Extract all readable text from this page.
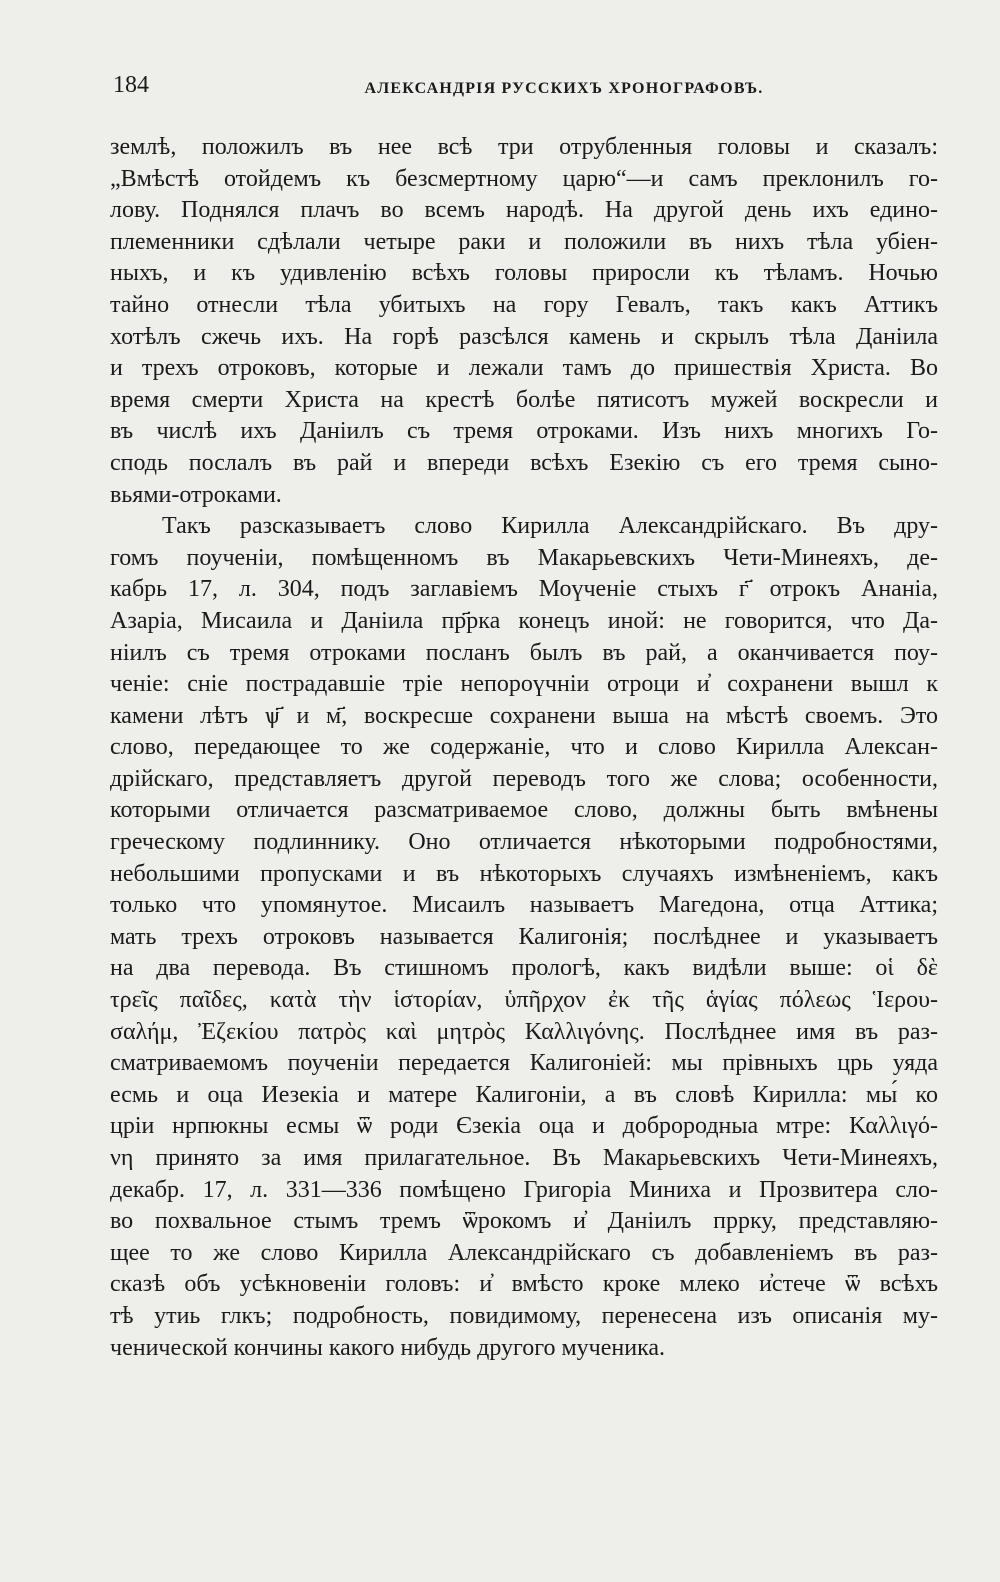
184	АЛЕКСАНДРІЯ РУССКИХЪ ХРОНОГРАФОВЪ.
землѣ, положилъ въ нее всѣ три отрубленныя головы и сказалъ:
„Вмѣстѣ отойдемъ къ безсмертному царю“—и самъ преклонилъ го-
лову. Поднялся плачъ во всемъ народѣ. На другой день ихъ едино-
племенники сдѣлали четыре раки и положили въ нихъ тѣла убіен-
ныхъ, и къ удивленію всѣхъ головы приросли къ тѣламъ. Ночью
тайно отнесли тѣла убитыхъ на гору Гевалъ, такъ какъ Аттикъ
хотѣлъ сжечь ихъ. На горѣ разсѣлся камень и скрылъ тѣла Даніила
и трехъ отроковъ, которые и лежали тамъ до пришествія Христа. Во
время смерти Христа на крестѣ болѣе пятисотъ мужей воскресли и
въ числѣ ихъ Даніилъ съ тремя отроками. Изъ нихъ многихъ Го-
сподь послалъ въ рай и впереди всѣхъ Езекію съ его тремя сыно-
вьями-отроками.
Такъ разсказываетъ слово Кирилла Александрійскаго. Въ дру-
гомъ поученіи, помѣщенномъ въ Макарьевскихъ Чети-Минеяхъ, де-
кабрь 17, л. 304, подъ заглавіемъ Моүченіе стыхъ г҃ отрокъ Ананіа,
Азаріа, Мисаила и Даніила пр҃рка конецъ иной: не говорится, что Да-
ніилъ съ тремя отроками посланъ былъ въ рай, а оканчивается поу-
ченіе: сніе пострадавшіе тріе непороүчніи отроци и҆ сохранени вышл к
камени лѣтъ ѱ҃ и м҃, воскресше сохранени выша на мѣстѣ своемъ. Это
слово, передающее то же содержаніе, что и слово Кирилла Алексан-
дрійскаго, представляетъ другой переводъ того же слова; особенности,
которыми отличается разсматриваемое слово, должны быть вмѣнены
греческому подлиннику. Оно отличается нѣкоторыми подробностями,
небольшими пропусками и въ нѣкоторыхъ случаяхъ измѣненіемъ, какъ
только что упомянутое. Мисаилъ называетъ Магедона, отца Аттика;
мать трехъ отроковъ называется Калигонія; послѣднее и указываетъ
на два перевода. Въ стишномъ прологѣ, какъ видѣли выше: οἱ δὲ
τρεῖς παῖδες, κατὰ τὴν ἱστορίαν, ὑπῆρχον ἐκ τῆς ἁγίας πόλεως Ἱερου-
σαλήμ, Ἐζεκίου πατρὸς καὶ μητρὸς Καλλιγόνης. Послѣднее имя въ раз-
сматриваемомъ поученіи передается Калигоніей: мы прівныхъ црь уяда
есмь и оца Иезекіа и матере Калигоніи, а въ словѣ Кирилла: мы́ ко
цріи нрпюкны есмы ѿ роди Єзекіа оца и доброродныа мтре: Καλλιγό-
νη принято за имя прилагательное. Въ Макарьевскихъ Чети-Минеяхъ,
декабр. 17, л. 331—336 помѣщено Григоріа Миниха и Прозвитера сло-
во похвальное стымъ тремъ ѿрокомъ и҆ Даніилъ пррку, представляю-
щее то же слово Кирилла Александрійскаго съ добавленіемъ въ раз-
сказѣ объ усѣкновеніи головъ: и҆ вмѣсто кроке млеко и҆стече ѿ всѣхъ
тѣ утиь глкъ; подробность, повидимому, перенесена изъ описанія му-
ченической кончины какого нибудь другого мученика.
